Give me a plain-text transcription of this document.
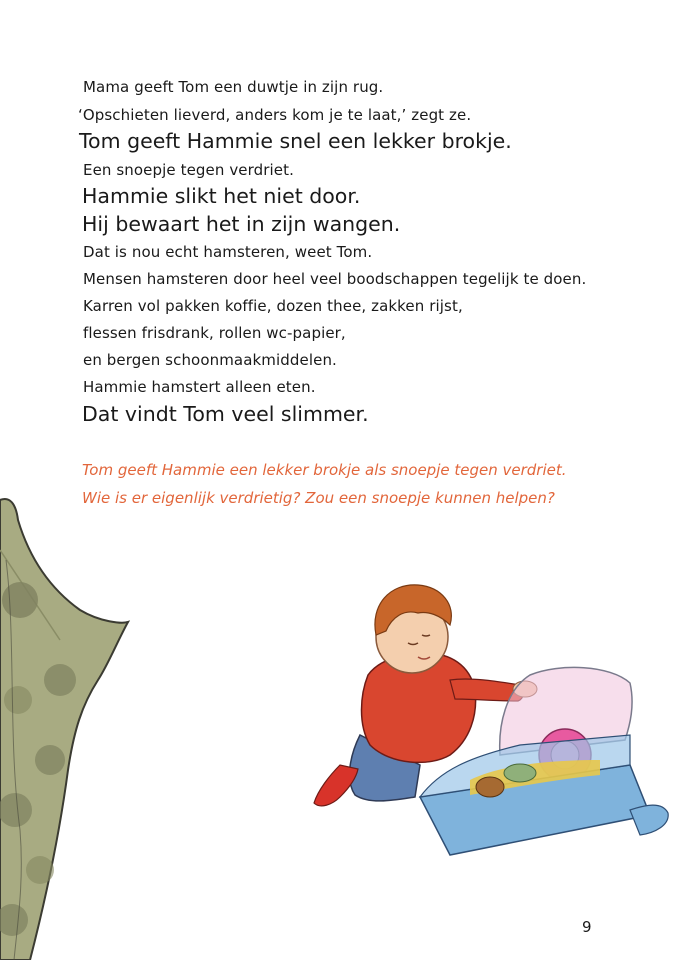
Mama geeft Tom een duwtje in zijn rug.

‘Opschieten lieverd, anders kom je te laat,’ zegt ze.

Tom geeft Hammie snel een lekker brokje.

Een snoepje tegen verdriet.

Hammie slikt het niet door.

Hij bewaart het in zijn wangen.

Dat is nou echt hamsteren, weet Tom.

Mensen hamsteren door heel veel boodschappen tegelijk te doen.

Karren vol pakken koffie, dozen thee, zakken rijst,

flessen frisdrank, rollen wc-papier,

en bergen schoonmaakmiddelen.

Hammie hamstert alleen eten.

Dat vindt Tom veel slimmer.

Tom geeft Hammie een lekker brokje als snoepje tegen verdriet.

Wie is er eigenlijk verdrietig? Zou een snoepje kunnen helpen?

9
